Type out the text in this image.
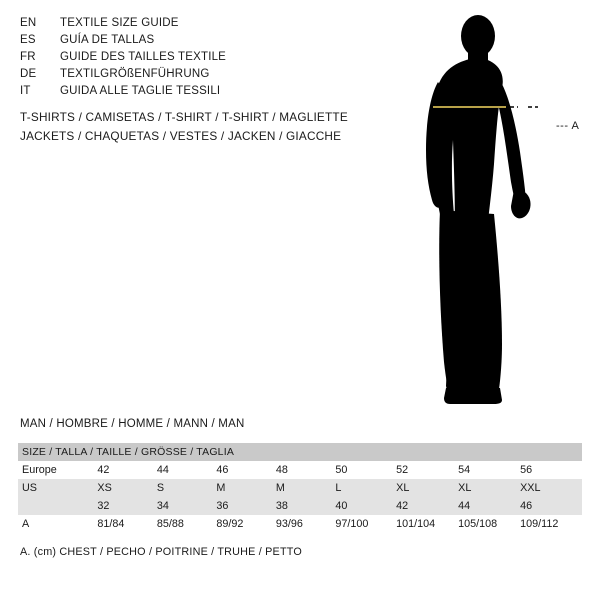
EN	TEXTILE SIZE GUIDE
ES	GUÍA DE TALLAS
FR	GUIDE DES TAILLES TEXTILE
DE	TEXTILGRÖßENFÜHRUNG
IT	GUIDA ALLE TAGLIE TESSILI
T-SHIRTS / CAMISETAS / T-SHIRT / T-SHIRT / MAGLIETTE
JACKETS / CHAQUETAS / VESTES / JACKEN / GIACCHE
--- A
MAN / HOMBRE / HOMME / MANN / MAN
SIZE / TALLA / TAILLE / GRÖSSE / TAGLIA								
Europe	42	44	46	48	50	52	54	56
US	XS	S	M	M	L	XL	XL	XXL
	32	34	36	38	40	42	44	46
A	81/84	85/88	89/92	93/96	97/100	101/104	105/108	109/112
A. (cm) CHEST / PECHO / POITRINE / TRUHE / PETTO
